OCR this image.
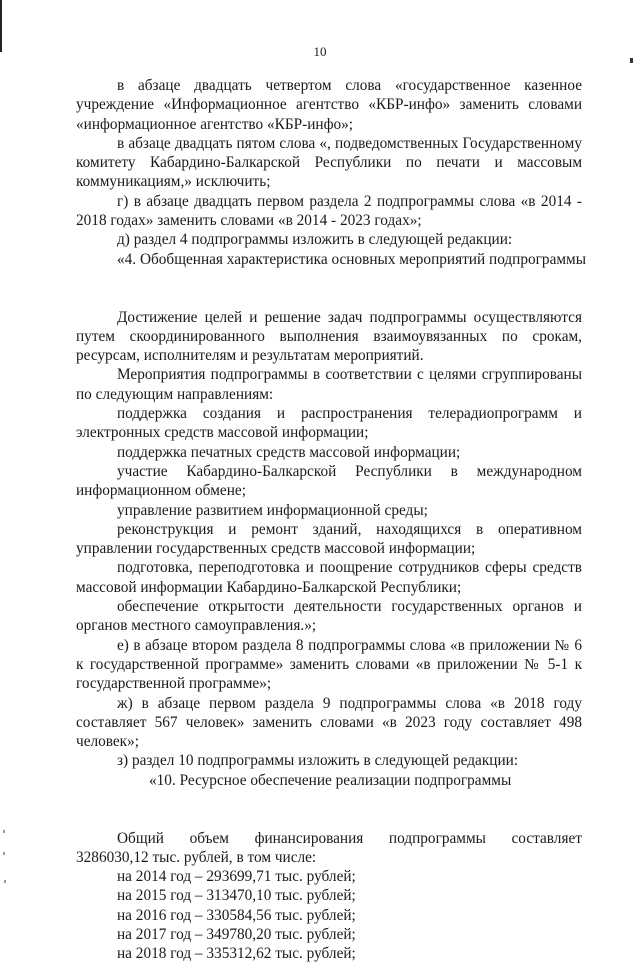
10

в абзаце двадцать четвертом слова «государственное казенное учреждение «Информационное агентство «КБР-инфо» заменить словами «информационное агентство «КБР-инфо»;

в абзаце двадцать пятом слова «, подведомственных Государственному комитету Кабардино-Балкарской Республики по печати и массовым коммуникациям,» исключить;

г) в абзаце двадцать первом раздела 2 подпрограммы слова «в 2014 - 2018 годах» заменить словами «в 2014 - 2023 годах»;

д) раздел 4 подпрограммы изложить в следующей редакции:

«4. Обобщенная характеристика основных мероприятий подпрограммы

Достижение целей и решение задач подпрограммы осуществляются путем скоординированного выполнения взаимоувязанных по срокам, ресурсам, исполнителям и результатам мероприятий.

Мероприятия подпрограммы в соответствии с целями сгруппированы по следующим направлениям:

поддержка создания и распространения телерадиопрограмм и электронных средств массовой информации;

поддержка печатных средств массовой информации;

участие Кабардино-Балкарской Республики в международном информационном обмене;

управление развитием информационной среды;

реконструкция и ремонт зданий, находящихся в оперативном управлении государственных средств массовой информации;

подготовка, переподготовка и поощрение сотрудников сферы средств массовой информации Кабардино-Балкарской Республики;

обеспечение открытости деятельности государственных органов и органов местного самоуправления.»;

е) в абзаце втором раздела 8 подпрограммы слова «в приложении № 6 к государственной программе» заменить словами «в приложении № 5-1 к государственной программе»;

ж) в абзаце первом раздела 9 подпрограммы слова «в 2018 году составляет 567 человек» заменить словами «в 2023 году составляет 498 человек»;

з) раздел 10 подпрограммы изложить в следующей редакции:

«10. Ресурсное обеспечение реализации подпрограммы

Общий объем финансирования подпрограммы составляет

3286030,12 тыс. рублей, в том числе:

на 2014 год – 293699,71 тыс. рублей;

на 2015 год – 313470,10 тыс. рублей;

на 2016 год – 330584,56 тыс. рублей;

на 2017 год – 349780,20 тыс. рублей;

на 2018 год – 335312,62 тыс. рублей;
